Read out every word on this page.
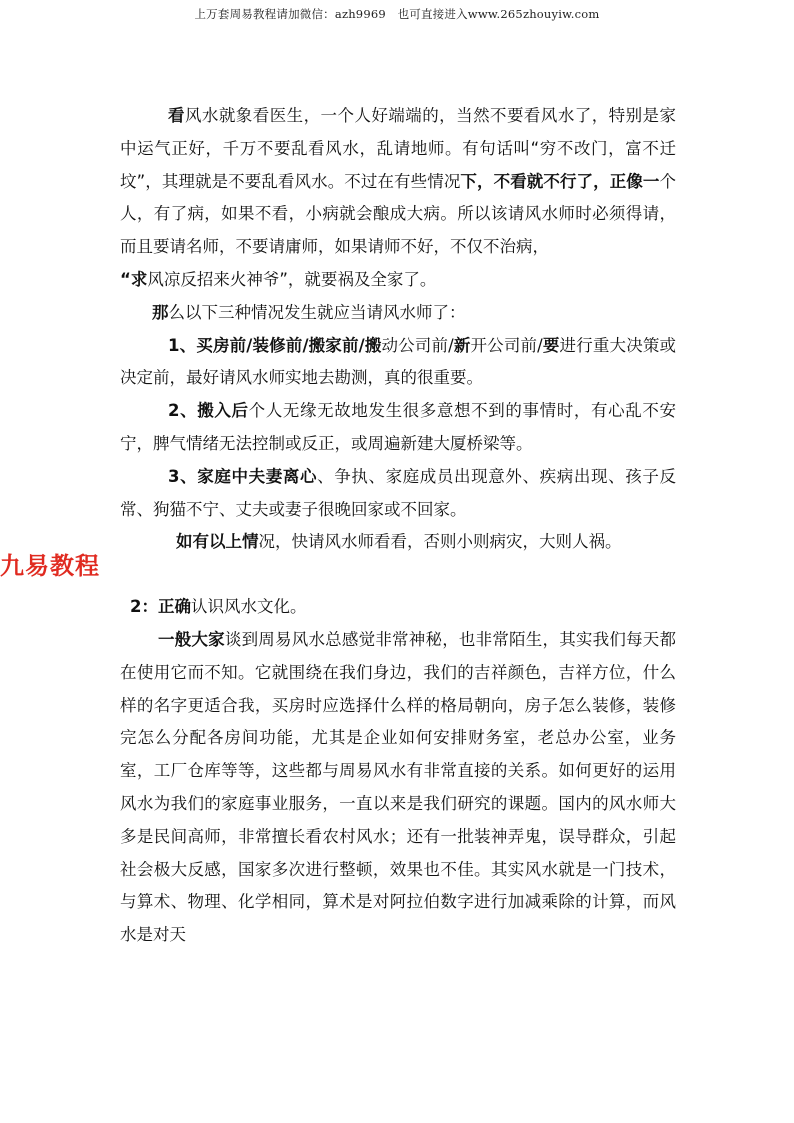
上万套周易教程请加微信：azh9969　也可直接进入www.265zhouyiw.com
九易教程

看风水就象看医生，一个人好端端的，当然不要看风水了，特别是家中运气正好，千万不要乱看风水，乱请地师。有句话叫“穷不改门，富不迁坟”，其理就是不要乱看风水。不过在有些情况下，不看就不行了，正像一个人，有了病，如果不看，小病就会酿成大病。所以该请风水师时必须得请，而且要请名师，不要请庸师，如果请师不好，不仅不治病，

“求风凉反招来火神爷”，就要祸及全家了。

那么以下三种情况发生就应当请风水师了：

1、买房前/装修前/搬家前/搬动公司前/新开公司前/要进行重大决策或决定前，最好请风水师实地去勘测，真的很重要。

2、搬入后个人无缘无故地发生很多意想不到的事情时，有心乱不安宁，脾气情绪无法控制或反正，或周遍新建大厦桥梁等。

3、家庭中夫妻离心、争执、家庭成员出现意外、疾病出现、孩子反常、狗猫不宁、丈夫或妻子很晚回家或不回家。

如有以上情况，快请风水师看看，否则小则病灾，大则人祸。

2：正确认识风水文化。

一般大家谈到周易风水总感觉非常神秘，也非常陌生，其实我们每天都在使用它而不知。它就围绕在我们身边，我们的吉祥颜色，吉祥方位，什么样的名字更适合我，买房时应选择什么样的格局朝向，房子怎么装修，装修完怎么分配各房间功能，尤其是企业如何安排财务室，老总办公室，业务室，工厂仓库等等，这些都与周易风水有非常直接的关系。如何更好的运用风水为我们的家庭事业服务，一直以来是我们研究的课题。国内的风水师大多是民间高师，非常擅长看农村风水；还有一批装神弄鬼，误导群众，引起社会极大反感，国家多次进行整顿，效果也不佳。其实风水就是一门技术，与算术、物理、化学相同，算术是对阿拉伯数字进行加减乘除的计算，而风水是对天
